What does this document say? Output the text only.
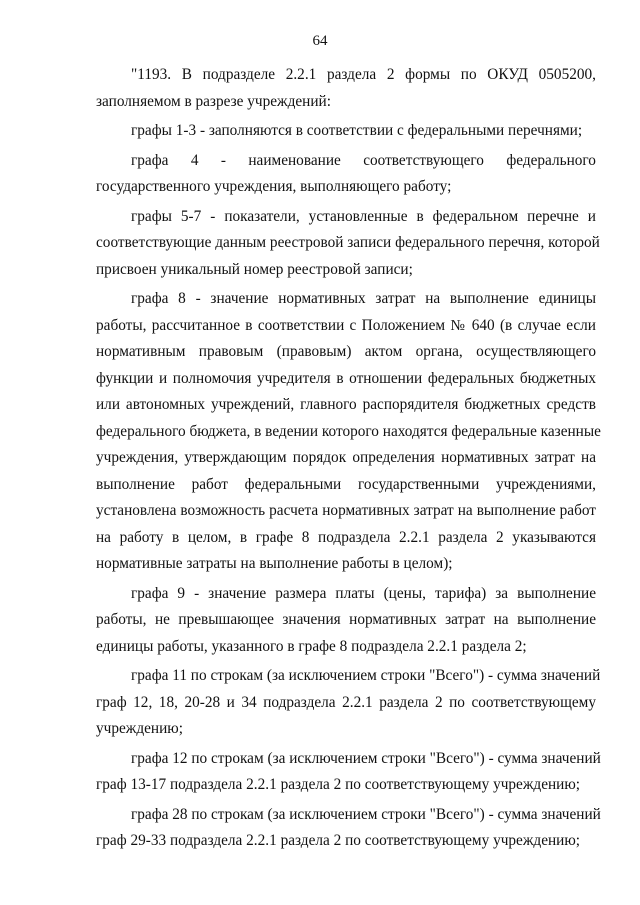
64
"1193. В подразделе 2.2.1 раздела 2 формы по ОКУД 0505200,
заполняемом в разрезе учреждений:
графы 1-3 - заполняются в соответствии с федеральными перечнями;
графа 4 - наименование соответствующего федерального
государственного учреждения, выполняющего работу;
графы 5-7 - показатели, установленные в федеральном перечне и
соответствующие данным реестровой записи федерального перечня, которой
присвоен уникальный номер реестровой записи;
графа 8 - значение нормативных затрат на выполнение единицы
работы, рассчитанное в соответствии с Положением № 640 (в случае если
нормативным правовым (правовым) актом органа, осуществляющего
функции и полномочия учредителя в отношении федеральных бюджетных
или автономных учреждений, главного распорядителя бюджетных средств
федерального бюджета, в ведении которого находятся федеральные казенные
учреждения, утверждающим порядок определения нормативных затрат на
выполнение работ федеральными государственными учреждениями,
установлена возможность расчета нормативных затрат на выполнение работ
на работу в целом, в графе 8 подраздела 2.2.1 раздела 2 указываются
нормативные затраты на выполнение работы в целом);
графа 9 - значение размера платы (цены, тарифа) за выполнение
работы, не превышающее значения нормативных затрат на выполнение
единицы работы, указанного в графе 8 подраздела 2.2.1 раздела 2;
графа 11 по строкам (за исключением строки "Всего") - сумма значений
граф 12, 18, 20-28 и 34 подраздела 2.2.1 раздела 2 по соответствующему
учреждению;
графа 12 по строкам (за исключением строки "Всего") - сумма значений
граф 13-17 подраздела 2.2.1 раздела 2 по соответствующему учреждению;
графа 28 по строкам (за исключением строки "Всего") - сумма значений
граф 29-33 подраздела 2.2.1 раздела 2 по соответствующему учреждению;
